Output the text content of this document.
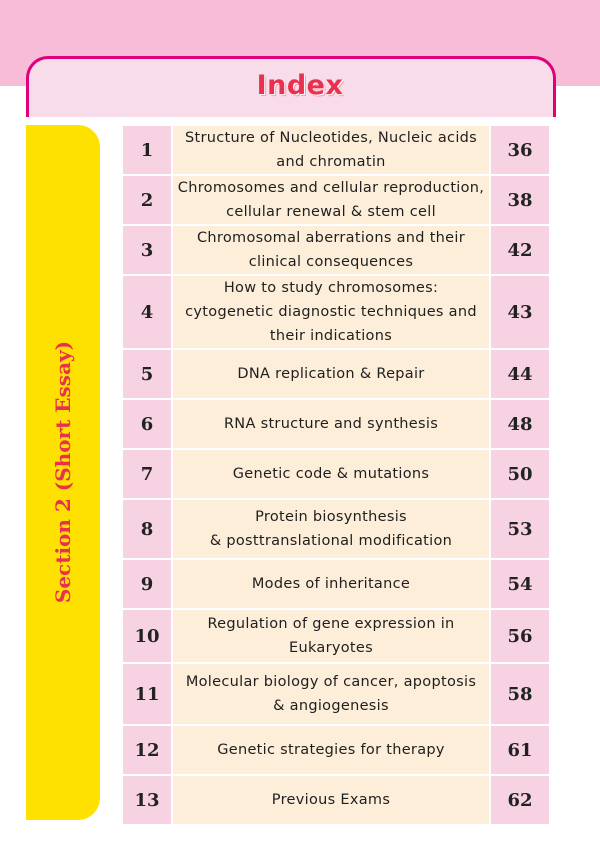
Index
Section 2 (Short Essay)
1	Structure of Nucleotides, Nucleic acids
and chromatin	36
2	Chromosomes and cellular reproduction,
cellular renewal & stem cell	38
3	Chromosomal aberrations and their
clinical consequences	42
4	How to study chromosomes:
cytogenetic diagnostic techniques and
their indications	43
5	DNA replication & Repair	44
6	RNA structure and synthesis	48
7	Genetic code & mutations	50
8	Protein biosynthesis
& posttranslational modification	53
9	Modes of inheritance	54
10	Regulation of gene expression in
Eukaryotes	56
11	Molecular biology of cancer, apoptosis
& angiogenesis	58
12	Genetic strategies for therapy	61
13	Previous Exams	62
